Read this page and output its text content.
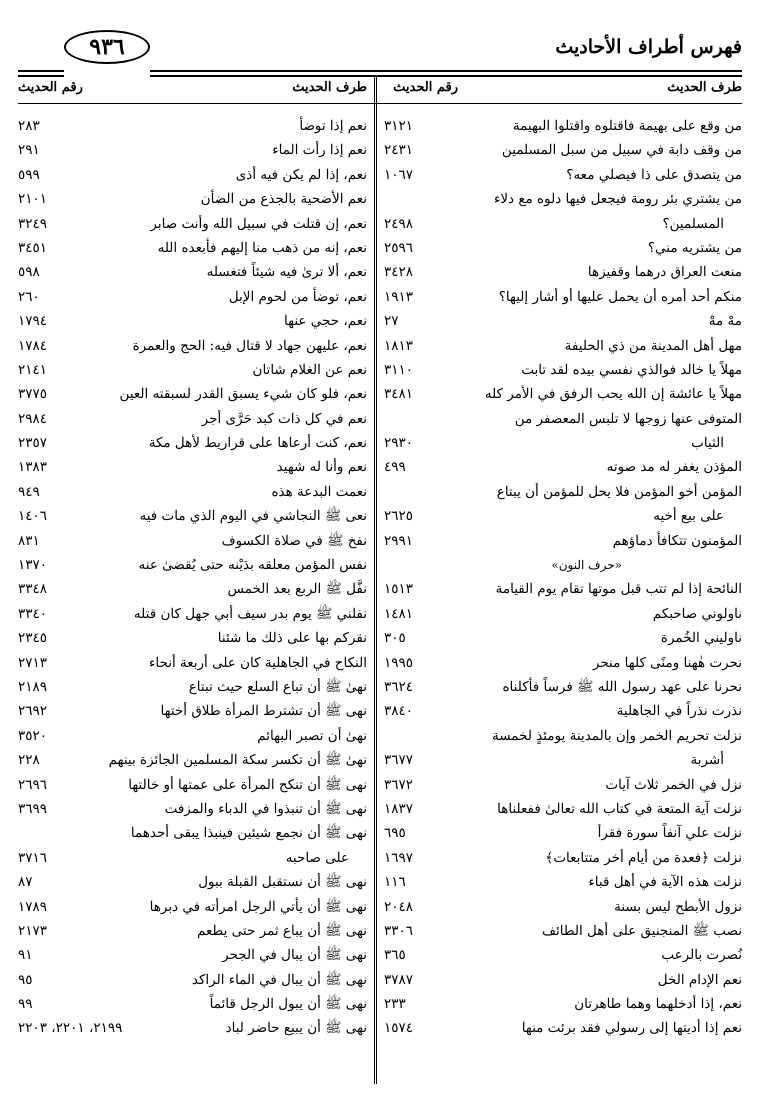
فهرس أطراف الأحاديث
٩٣٦
طرف الحديث
رقم الحديث
طرف الحديث
رقم الحديث
من وقع على بهيمة فاقتلوه واقتلوا البهيمة
٣١٢١
من وقف دابة في سبيل من سبل المسلمين
٢٤٣١
من يتصدق على ذا فيصلي معه؟
١٠٦٧
من يشتري بئر رومة فيجعل فيها دلوه مع دلاء
المسلمين؟
٢٤٩٨
من يشتريه مني؟
٢٥٩٦
منعت العراق درهما وقفيزها
٣٤٢٨
منكم أحد أمره أن يحمل عليها أو أشار إليها؟
١٩١٣
مهْ مهْ
٢٧
مهل أهل المدينة من ذي الحليفة
١٨١٣
مهلاً يا خالد فوالذي نفسي بيده لقد تابت
٣١١٠
مهلاً يا عائشة إن الله يحب الرفق في الأمر كله
٣٤٨١
المتوفى عنها زوجها لا تلبس المعصفر من
الثياب
٢٩٣٠
المؤذن يغفر له مد صوته
٤٩٩
المؤمن أخو المؤمن فلا يحل للمؤمن أن يبتاع
على بيع أخيه
٢٦٢٥
المؤمنون تتكافأ دماؤهم
٢٩٩١
«حرف النون»
النائحة إذا لم تتب قبل موتها تقام يوم القيامة
١٥١٣
ناولوني صاحبكم
١٤٨١
ناوليني الخُمرة
٣٠٥
نحرت هٰهنا ومنًى كلها منحر
١٩٩٥
نحرنا على عهد رسول الله ﷺ فرساً فأكلناه
٣٦٢٤
نذرت نذراً في الجاهلية
٣٨٤٠
نزلت تحريم الخمر وإن بالمدينة يومئذٍ لخمسة
أشربة
٣٦٧٧
نزل في الخمر ثلاث آيات
٣٦٧٢
نزلت آية المتعة في كتاب الله تعالىٰ ففعلناها
١٨٣٧
نزلت علي آنفاً سورة فقرأ
٦٩٥
نزلت ﴿فعدة من أيام أخر متتابعات﴾
١٦٩٧
نزلت هذه الآية في أهل قباء
١١٦
نزول الأبطح ليس بسنة
٢٠٤٨
نصب ﷺ المنجنيق على أهل الطائف
٣٣٠٦
نُصرت بالرعب
٣٦٥
نعم الإدام الخل
٣٧٨٧
نعم، إذا أدخلهما وهما طاهرتان
٢٣٣
نعم إذا أديتها إلى رسولي فقد برئت منها
١٥٧٤
نعم إذا توضأ
٢٨٣
نعم إذا رأت الماء
٢٩١
نعم، إذا لم يكن فيه أذى
٥٩٩
نعم الأضحية بالجذع من الضأن
٢١٠١
نعم، إن قتلت في سبيل الله وأنت صابر
٣٢٤٩
نعم، إنه من ذهب منا إليهم فأبعده الله
٣٤٥١
نعم، ألا ترىٰ فيه شيئاً فتغسله
٥٩٨
نعم، توضأ من لحوم الإبل
٢٦٠
نعم، حجي عنها
١٧٩٤
نعم، عليهن جهاد لا قتال فيه: الحج والعمرة
١٧٨٤
نعم عن الغلام شاتان
٢١٤١
نعم، فلو كان شيء يسبق القدر لسبقته العين
٣٧٧٥
نعم في كل ذات كبد حَرَّى أجر
٢٩٨٤
نعم، كنت أرعاها على قراريط لأهل مكة
٢٣٥٧
نعم وأنا له شهيد
١٣٨٣
نعمت البدعة هذه
٩٤٩
نعى ﷺ النجاشي في اليوم الذي مات فيه
١٤٠٦
نفخ ﷺ في صلاة الكسوف
٨٣١
نفس المؤمن معلقه بدَيْنه حتى يُقضىٰ عنه
١٣٧٠
نفَّل ﷺ الربع بعد الخمس
٣٣٤٨
نفلني ﷺ يوم بدر سيف أبي جهل كان قتله
٣٣٤٠
نقركم بها على ذلك ما شئنا
٢٣٤٥
النكاح في الجاهلية كان على أربعة أنحاء
٢٧١٣
نهىٰ ﷺ أن تباع السلع حيث تبتاع
٢١٨٩
نهى ﷺ أن تشترط المرأة طلاق أختها
٢٦٩٢
نهىٰ أن تصبر البهائم
٣٥٢٠
نهىٰ ﷺ أن تكسر سكة المسلمين الجائزة بينهم
٢٢٨
نهى ﷺ أن تنكح المرأة على عمتها أو خالتها
٢٦٩٦
نهى ﷺ أن تنبذوا في الدباء والمزفت
٣٦٩٩
نهى ﷺ أن نجمع شيئين فينبذا يبقى أحدهما
على صاحبه
٣٧١٦
نهى ﷺ أن نستقبل القبلة ببول
٨٧
نهى ﷺ أن يأتي الرجل امرأته في دبرها
١٧٨٩
نهى ﷺ أن يباع ثمر حتى يطعم
٢١٧٣
نهى ﷺ أن يبال في الجحر
٩١
نهى ﷺ أن يبال في الماء الراكد
٩٥
نهى ﷺ أن يبول الرجل قائماً
٩٩
نهى ﷺ أن يبيع حاضر لباد
٢١٩٩، ٢٢٠١، ٢٢٠٣
